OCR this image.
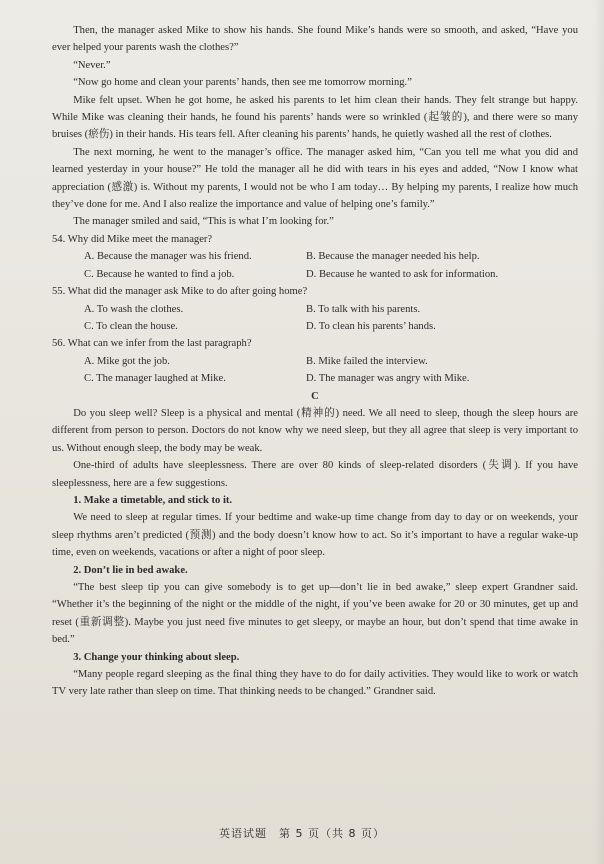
Then, the manager asked Mike to show his hands. She found Mike’s hands were so smooth, and asked, “Have you ever helped your parents wash the clothes?”

“Never.”

“Now go home and clean your parents’ hands, then see me tomorrow morning.”

Mike felt upset. When he got home, he asked his parents to let him clean their hands. They felt strange but happy. While Mike was cleaning their hands, he found his parents’ hands were so wrinkled (起皱的), and there were so many bruises (瘀伤) in their hands. His tears fell. After cleaning his parents’ hands, he quietly washed all the rest of clothes.

The next morning, he went to the manager’s office. The manager asked him, “Can you tell me what you did and learned yesterday in your house?” He told the manager all he did with tears in his eyes and added, “Now I know what appreciation (感激) is. Without my parents, I would not be who I am today… By helping my parents, I realize how much they’ve done for me. And I also realize the importance and value of helping one’s family.”

The manager smiled and said, “This is what I’m looking for.”

54. Why did Mike meet the manager?

A. Because the manager was his friend.	B. Because the manager needed his help.
C. Because he wanted to find a job.	D. Because he wanted to ask for information.

55. What did the manager ask Mike to do after going home?

A. To wash the clothes.	B. To talk with his parents.
C. To clean the house.	D. To clean his parents’ hands.

56. What can we infer from the last paragraph?

A. Mike got the job.	B. Mike failed the interview.
C. The manager laughed at Mike.	D. The manager was angry with Mike.

C

Do you sleep well? Sleep is a physical and mental (精神的) need. We all need to sleep, though the sleep hours are different from person to person. Doctors do not know why we need sleep, but they all agree that sleep is very important to us. Without enough sleep, the body may be weak.

One-third of adults have sleeplessness. There are over 80 kinds of sleep-related disorders (失调). If you have sleeplessness, here are a few suggestions.

1. Make a timetable, and stick to it.

We need to sleep at regular times. If your bedtime and wake-up time change from day to day or on weekends, your sleep rhythms aren’t predicted (预测) and the body doesn’t know how to act. So it’s important to have a regular wake-up time, even on weekends, vacations or after a night of poor sleep.

2. Don’t lie in bed awake.

“The best sleep tip you can give somebody is to get up—don’t lie in bed awake,” sleep expert Grandner said. “Whether it’s the beginning of the night or the middle of the night, if you’ve been awake for 20 or 30 minutes, get up and reset (重新调整). Maybe you just need five minutes to get sleepy, or maybe an hour, but don’t spend that time awake in bed.”

3. Change your thinking about sleep.

“Many people regard sleeping as the final thing they have to do for daily activities. They would like to work or watch TV very late rather than sleep on time. That thinking needs to be changed.” Grandner said.

英语试题　第 5 页（共 8 页）
